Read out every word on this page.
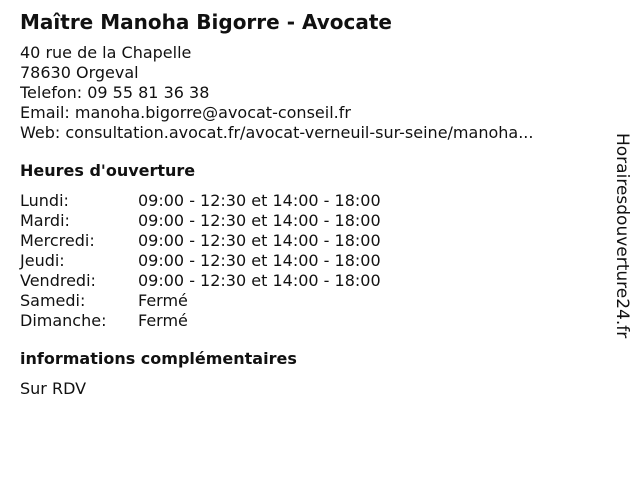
Maître Manoha Bigorre - Avocate
40 rue de la Chapelle
78630 Orgeval
Telefon: 09 55 81 36 38
Email: manoha.bigorre@avocat-conseil.fr
Web: consultation.avocat.fr/avocat-verneuil-sur-seine/manoha...
Heures d'ouverture
Lundi:	09:00 - 12:30 et 14:00 - 18:00
Mardi:	09:00 - 12:30 et 14:00 - 18:00
Mercredi:	09:00 - 12:30 et 14:00 - 18:00
Jeudi:	09:00 - 12:30 et 14:00 - 18:00
Vendredi:	09:00 - 12:30 et 14:00 - 18:00
Samedi:	Fermé
Dimanche:	Fermé
informations complémentaires
Sur RDV
Horairesdouverture24.fr
